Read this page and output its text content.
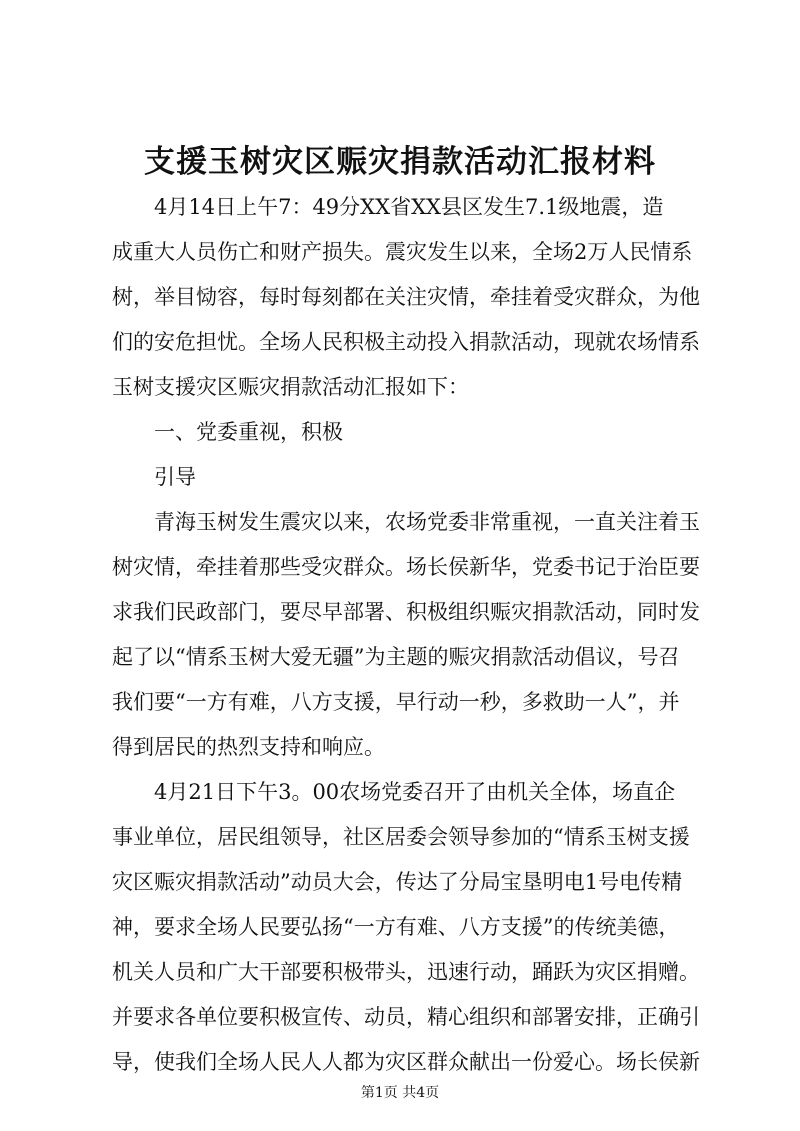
支援玉树灾区赈灾捐款活动汇报材料
4月14日上午7：49分XX省XX县区发生7.1级地震，造
成重大人员伤亡和财产损失。震灾发生以来，全场2万人民情系
树，举目恸容，每时每刻都在关注灾情，牵挂着受灾群众，为他
们的安危担忧。全场人民积极主动投入捐款活动，现就农场情系
玉树支援灾区赈灾捐款活动汇报如下：
一、党委重视，积极
引导
青海玉树发生震灾以来，农场党委非常重视，一直关注着玉
树灾情，牵挂着那些受灾群众。场长侯新华，党委书记于治臣要
求我们民政部门，要尽早部署、积极组织赈灾捐款活动，同时发
起了以“情系玉树大爱无疆”为主题的赈灾捐款活动倡议，号召
我们要“一方有难，八方支援，早行动一秒，多救助一人”，并
得到居民的热烈支持和响应。
4月21日下午3。00农场党委召开了由机关全体，场直企
事业单位，居民组领导，社区居委会领导参加的“情系玉树支援
灾区赈灾捐款活动”动员大会，传达了分局宝垦明电1号电传精
神，要求全场人民要弘扬“一方有难、八方支援”的传统美德，
机关人员和广大干部要积极带头，迅速行动，踊跃为灾区捐赠。
并要求各单位要积极宣传、动员，精心组织和部署安排，正确引
导，使我们全场人民人人都为灾区群众献出一份爱心。场长侯新
第1页 共4页
